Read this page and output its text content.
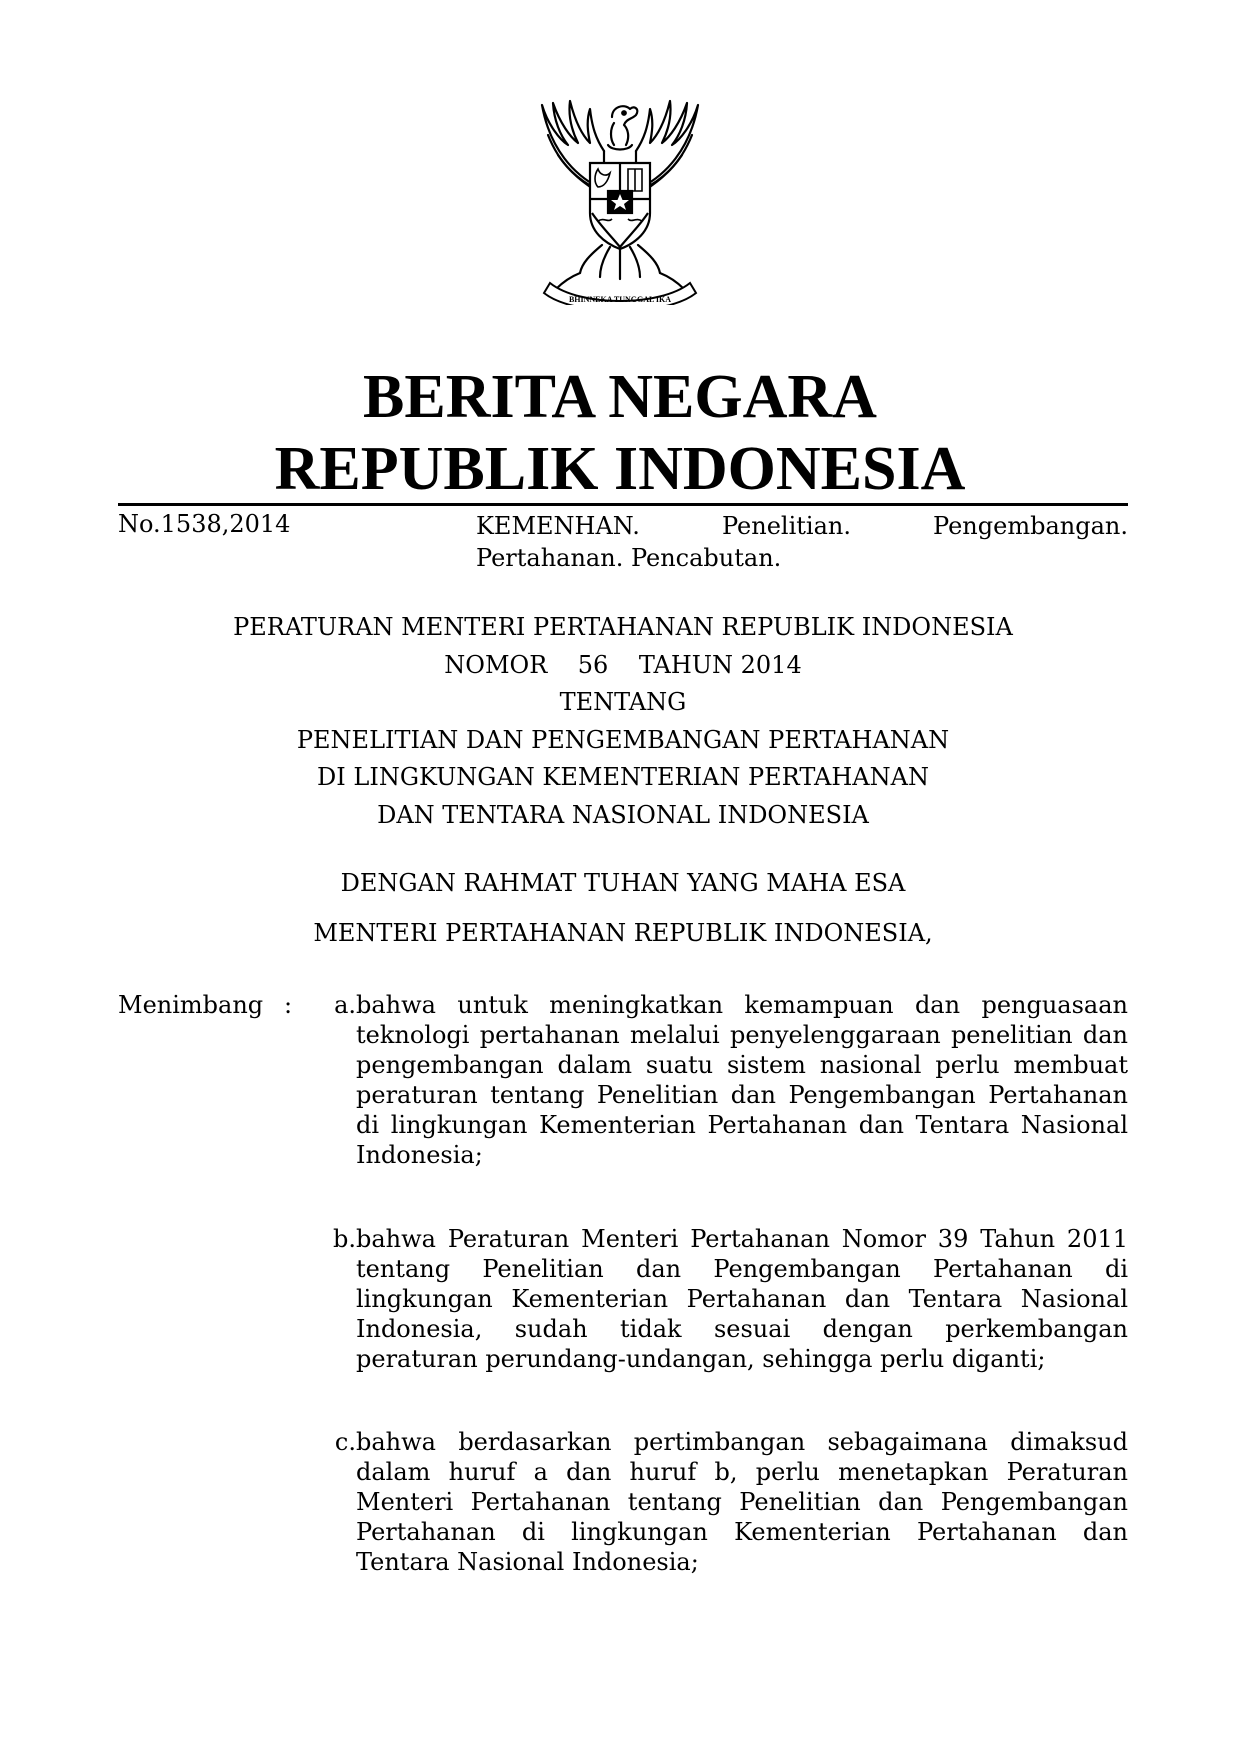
BHINNEKA TUNGGAL IKA
BERITA NEGARA
REPUBLIK INDONESIA
No.1538,2014	KEMENHAN.	Penelitian.	Pengembangan.
Pertahanan. Pencabutan.
PERATURAN MENTERI PERTAHANAN REPUBLIK INDONESIA
NOMOR    56    TAHUN 2014
TENTANG
PENELITIAN DAN PENGEMBANGAN PERTAHANAN
DI LINGKUNGAN KEMENTERIAN PERTAHANAN
DAN TENTARA NASIONAL INDONESIA
DENGAN RAHMAT TUHAN YANG MAHA ESA
MENTERI PERTAHANAN REPUBLIK INDONESIA,
Menimbang :	a. bahwa untuk meningkatkan kemampuan dan penguasaan teknologi pertahanan melalui penyelenggaraan penelitian dan pengembangan dalam suatu sistem nasional perlu membuat peraturan tentang Penelitian dan Pengembangan Pertahanan di lingkungan Kementerian Pertahanan dan Tentara Nasional Indonesia;
b. bahwa Peraturan Menteri Pertahanan Nomor 39 Tahun 2011 tentang Penelitian dan Pengembangan Pertahanan di lingkungan Kementerian Pertahanan dan Tentara Nasional Indonesia, sudah tidak sesuai dengan perkembangan peraturan perundang-undangan, sehingga perlu diganti;
c. bahwa berdasarkan pertimbangan sebagaimana dimaksud dalam huruf a dan huruf b, perlu menetapkan Peraturan Menteri Pertahanan tentang Penelitian dan Pengembangan Pertahanan di lingkungan Kementerian Pertahanan dan Tentara Nasional Indonesia;
